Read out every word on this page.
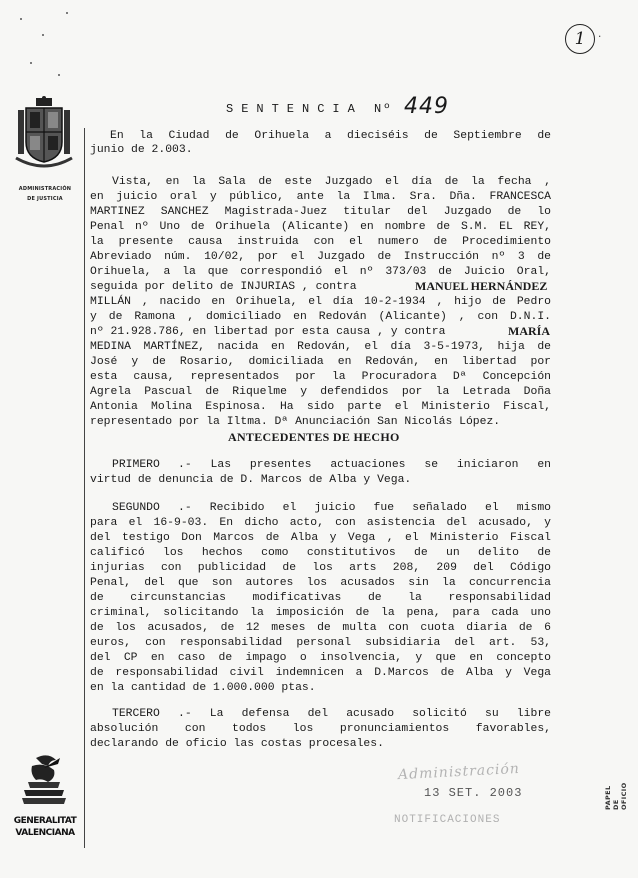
ADMINISTRACIÓN
DE JUSTICIA
1	·
SENTENCIA Nº 449
En la Ciudad de Orihuela a dieciséis de Septiembre de
junio de 2.003.
Vista, en la Sala de este Juzgado el día de la fecha ,
en juicio oral y público, ante la Ilma. Sra. Dña. FRANCESCA
MARTINEZ SANCHEZ Magistrada-Juez titular del Juzgado de lo
Penal nº Uno de Orihuela (Alicante) en nombre de S.M. EL REY,
la presente causa instruida con el numero de Procedimiento
Abreviado núm. 10/02, por el Juzgado de Instrucción nº 3 de
Orihuela, a la que correspondió el nº 373/03 de Juicio Oral,
seguida por delito de INJURIAS , contra	MANUEL HERNÁNDEZ
MILLÁN , nacido en Orihuela, el día 10-2-1934 , hijo de Pedro
y de Ramona , domiciliado en Redován (Alicante) , con D.N.I.
nº 21.928.786, en libertad por esta causa , y contra	MARÍA
MEDINA MARTÍNEZ, nacida en Redován, el día 3-5-1973, hija de
José y de Rosario, domiciliada en Redován, en libertad por
esta causa, representados por la Procuradora Dª Concepción
Agrela Pascual de Riquelme y defendidos por la Letrada Doña
Antonia Molina Espinosa. Ha sido parte el Ministerio Fiscal,
representado por la Iltma. Dª Anunciación San Nicolás López.
ANTECEDENTES DE HECHO
PRIMERO	.- Las presentes actuaciones se iniciaron en
virtud de denuncia de D. Marcos de Alba y Vega.
SEGUNDO	.- Recibido el juicio fue señalado el mismo
para el 16-9-03. En dicho acto, con asistencia del acusado, y
del testigo Don Marcos de Alba y Vega , el Ministerio Fiscal
calificó los hechos como constitutivos de un delito de
injurias con publicidad de los arts 208, 209 del Código
Penal, del que son autores los acusados sin la concurrencia
de circunstancias modificativas de la responsabilidad
criminal, solicitando la imposición de la pena, para cada uno
de los acusados, de 12 meses de multa con cuota diaria de 6
euros, con responsabilidad personal subsidiaria del art. 53,
del CP en caso de impago o insolvencia, y que en concepto
de responsabilidad civil indemnicen a D.Marcos de Alba y Vega
en la cantidad de 1.000.000 ptas.
TERCERO	.- La defensa del acusado solicitó su libre
absolución con todos los pronunciamientos favorables,
declarando de oficio las costas procesales.
Administración
13 SET. 2003
NOTIFICACIONES
GENERALITAT
VALENCIANA
PAPEL DE OFICIO
